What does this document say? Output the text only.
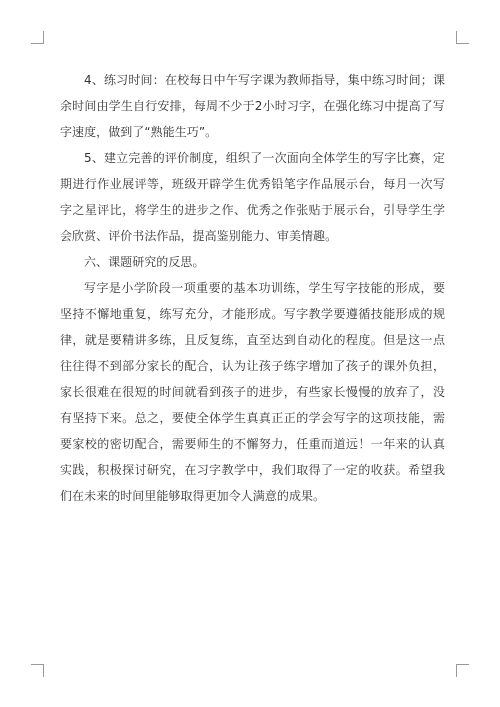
4、练习时间：在校每日中午写字课为教师指导，集中练习时间；课余时间由学生自行安排，每周不少于2小时习字，在强化练习中提高了写字速度，做到了“熟能生巧”。

5、建立完善的评价制度，组织了一次面向全体学生的写字比赛，定期进行作业展评等，班级开辟学生优秀铅笔字作品展示台，每月一次写字之星评比，将学生的进步之作、优秀之作张贴于展示台，引导学生学会欣赏、评价书法作品，提高鉴别能力、审美情趣。

六、课题研究的反思。

写字是小学阶段一项重要的基本功训练，学生写字技能的形成，要坚持不懈地重复，练写充分，才能形成。写字教学要遵循技能形成的规律，就是要精讲多练，且反复练，直至达到自动化的程度。但是这一点往往得不到部分家长的配合，认为让孩子练字增加了孩子的课外负担，家长很难在很短的时间就看到孩子的进步，有些家长慢慢的放弃了，没有坚持下来。总之，要使全体学生真真正正的学会写字的这项技能，需要家校的密切配合，需要师生的不懈努力，任重而道远！一年来的认真实践，积极探讨研究，在习字教学中，我们取得了一定的收获。希望我们在未来的时间里能够取得更加令人满意的成果。
